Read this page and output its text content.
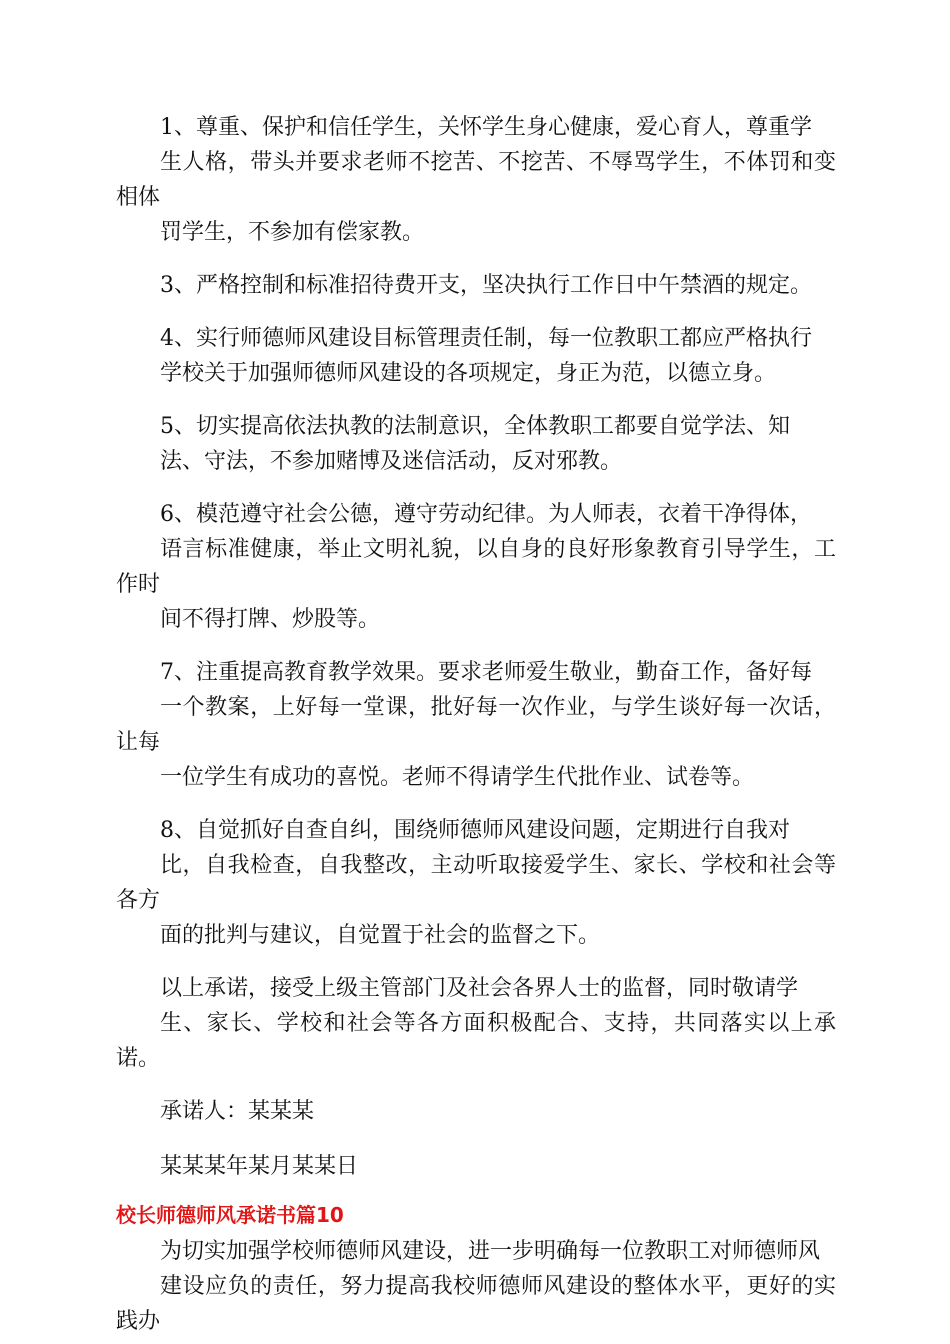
1、尊重、保护和信任学生，关怀学生身心健康，爱心育人，尊重学
生人格，带头并要求老师不挖苦、不挖苦、不辱骂学生，不体罚和变相体
罚学生，不参加有偿家教。

3、严格控制和标准招待费开支，坚决执行工作日中午禁酒的规定。

4、实行师德师风建设目标管理责任制，每一位教职工都应严格执行
学校关于加强师德师风建设的各项规定，身正为范，以德立身。

5、切实提高依法执教的法制意识，全体教职工都要自觉学法、知
法、守法，不参加赌博及迷信活动，反对邪教。

6、模范遵守社会公德，遵守劳动纪律。为人师表，衣着干净得体，
语言标准健康，举止文明礼貌，以自身的良好形象教育引导学生，工作时
间不得打牌、炒股等。

7、注重提高教育教学效果。要求老师爱生敬业，勤奋工作，备好每
一个教案，上好每一堂课，批好每一次作业，与学生谈好每一次话，让每
一位学生有成功的喜悦。老师不得请学生代批作业、试卷等。

8、自觉抓好自查自纠，围绕师德师风建设问题，定期进行自我对
比，自我检查，自我整改，主动听取接爱学生、家长、学校和社会等各方
面的批判与建议，自觉置于社会的监督之下。

以上承诺，接受上级主管部门及社会各界人士的监督，同时敬请学
生、家长、学校和社会等各方面积极配合、支持，共同落实以上承诺。

承诺人：某某某

某某某年某月某某日

校长师德师风承诺书篇10

为切实加强学校师德师风建设，进一步明确每一位教职工对师德师风
建设应负的责任，努力提高我校师德师风建设的整体水平，更好的实践办
